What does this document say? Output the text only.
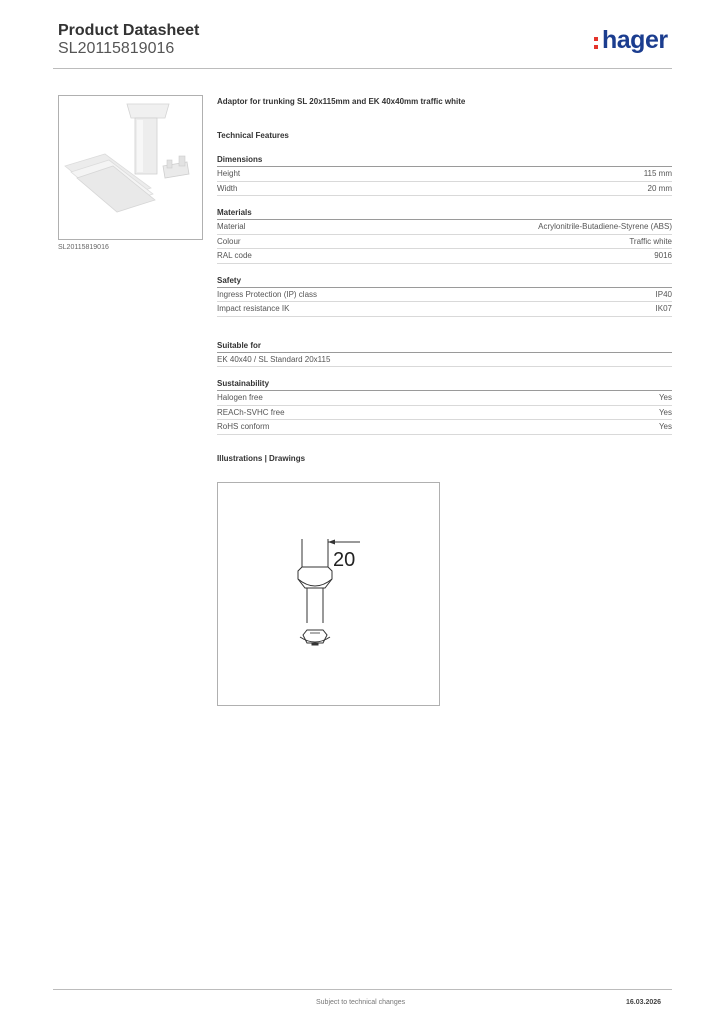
Product Datasheet
SL20115819016	hager
SL20115819016
Adaptor for trunking SL 20x115mm and EK 40x40mm traffic white
Technical Features
Dimensions
Height	115 mm
Width	20 mm
Materials
Material	Acrylonitrile-Butadiene-Styrene (ABS)
Colour	Traffic white
RAL code	9016
Safety
Ingress Protection (IP) class	IP40
Impact resistance IK	IK07
Suitable for
EK 40x40 / SL Standard 20x115
Sustainability
Halogen free	Yes
REACh-SVHC free	Yes
RoHS conform	Yes
Illustrations | Drawings
20
Subject to technical changes	16.03.2026
